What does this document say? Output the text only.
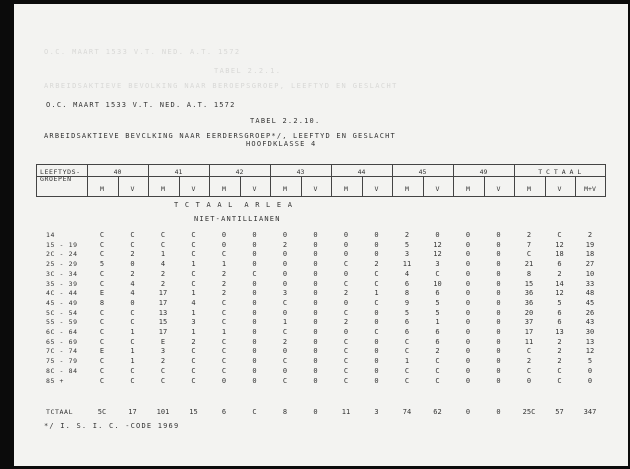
O.C. MAART 1533 V.T. NED. A.T. 1572
TABEL 2.2.1.
ARBEIDSAKTIEVE BEVOLKING NAAR BEROEPSGROEP, LEEFTYD EN GESLACHT
O.C. MAART 1533 V.T. NED. A.T. 1572
TABEL 2.2.10.
ARBEIDSAKTIEVE BEVCLKING NAAR EERDERSGROEP*/, LEEFTYD EN GESLACHT
HOOFDKLASSE 4
LEEFTYDS-
GROEPEN
40	41	42	43	44	45	49	T C T A A L
M	V	M	V	M	V	M	V	M	V	M	V	M	V	M	V	M+V
T C T A A L  A R L E A
NIET-ANTILLIANEN
14	C	C	C	C	0	0	0	0	0	0	2	0	0	0	2	C	2
15 - 19	C	C	C	C	0	0	2	0	0	0	5	12	0	0	7	12	19
2C - 24	C	2	1	C	C	0	0	0	0	0	3	12	0	0	C	18	18
25 - 29	5	0	4	1	1	0	0	0	C	2	11	3	0	0	21	6	27
3C - 34	C	2	2	C	2	C	0	0	0	C	4	C	0	0	8	2	10
35 - 39	C	4	2	C	2	0	0	0	C	C	6	10	0	0	15	14	33
4C - 44	E	4	17	1	2	0	3	0	2	1	8	6	0	0	36	12	48
45 - 49	8	0	17	4	C	0	C	0	0	C	9	5	0	0	36	5	45
5C - 54	C	C	13	1	C	0	0	0	C	0	5	5	0	0	20	6	26
55 - 59	C	C	15	3	C	0	1	0	2	0	6	1	0	0	37	6	43
6C - 64	C	1	17	1	1	0	C	0	0	C	6	6	0	0	17	13	30
65 - 69	C	C	E	2	C	0	2	0	C	0	C	6	0	0	11	2	13
7C - 74	E	1	3	C	C	0	0	0	C	0	C	2	0	0	C	2	12
75 - 79	C	1	2	C	C	0	C	0	C	0	1	C	0	0	2	2	5
8C - 84	C	C	C	C	C	0	0	0	C	0	C	C	0	0	C	C	0
85 +	C	C	C	C	0	0	C	0	C	0	C	C	0	0	0	C	0
TCTAAL	5C	17	101	15	6	C	8	0	11	3	74	62	0	0	25C	57	347
*/ I. S. I. C. -CODE 1969
